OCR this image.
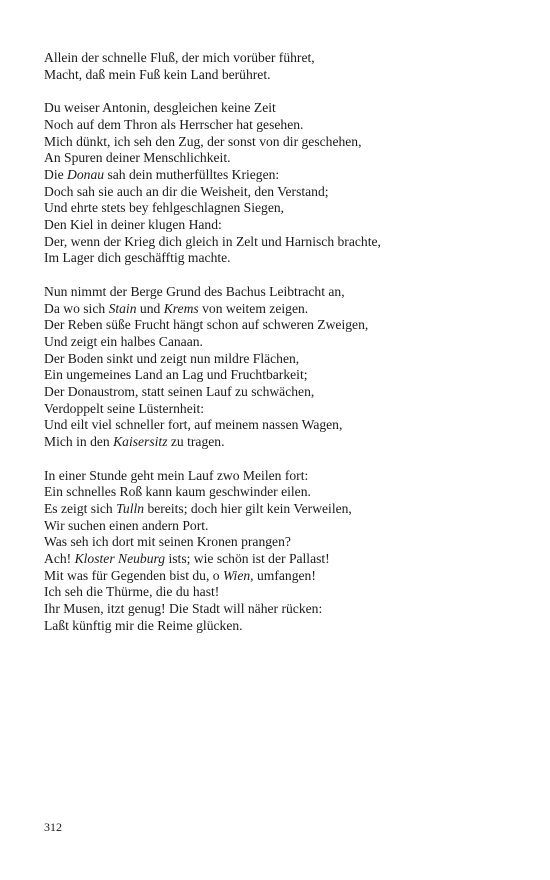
Allein der schnelle Fluß, der mich vorüber führet,
Macht, daß mein Fuß kein Land berühret.
Du weiser Antonin, desgleichen keine Zeit
Noch auf dem Thron als Herrscher hat gesehen.
Mich dünkt, ich seh den Zug, der sonst von dir geschehen,
An Spuren deiner Menschlichkeit.
Die Donau sah dein mutherfülltes Kriegen:
Doch sah sie auch an dir die Weisheit, den Verstand;
Und ehrte stets bey fehlgeschlagnen Siegen,
Den Kiel in deiner klugen Hand:
Der, wenn der Krieg dich gleich in Zelt und Harnisch brachte,
Im Lager dich geschäfftig machte.
Nun nimmt der Berge Grund des Bachus Leibtracht an,
Da wo sich Stain und Krems von weitem zeigen.
Der Reben süße Frucht hängt schon auf schweren Zweigen,
Und zeigt ein halbes Canaan.
Der Boden sinkt und zeigt nun mildre Flächen,
Ein ungemeines Land an Lag und Fruchtbarkeit;
Der Donaustrom, statt seinen Lauf zu schwächen,
Verdoppelt seine Lüsternheit:
Und eilt viel schneller fort, auf meinem nassen Wagen,
Mich in den Kaisersitz zu tragen.
In einer Stunde geht mein Lauf zwo Meilen fort:
Ein schnelles Roß kann kaum geschwinder eilen.
Es zeigt sich Tulln bereits; doch hier gilt kein Verweilen,
Wir suchen einen andern Port.
Was seh ich dort mit seinen Kronen prangen?
Ach! Kloster Neuburg ists; wie schön ist der Pallast!
Mit was für Gegenden bist du, o Wien, umfangen!
Ich seh die Thürme, die du hast!
Ihr Musen, itzt genug! Die Stadt will näher rücken:
Laßt künftig mir die Reime glücken.
312
